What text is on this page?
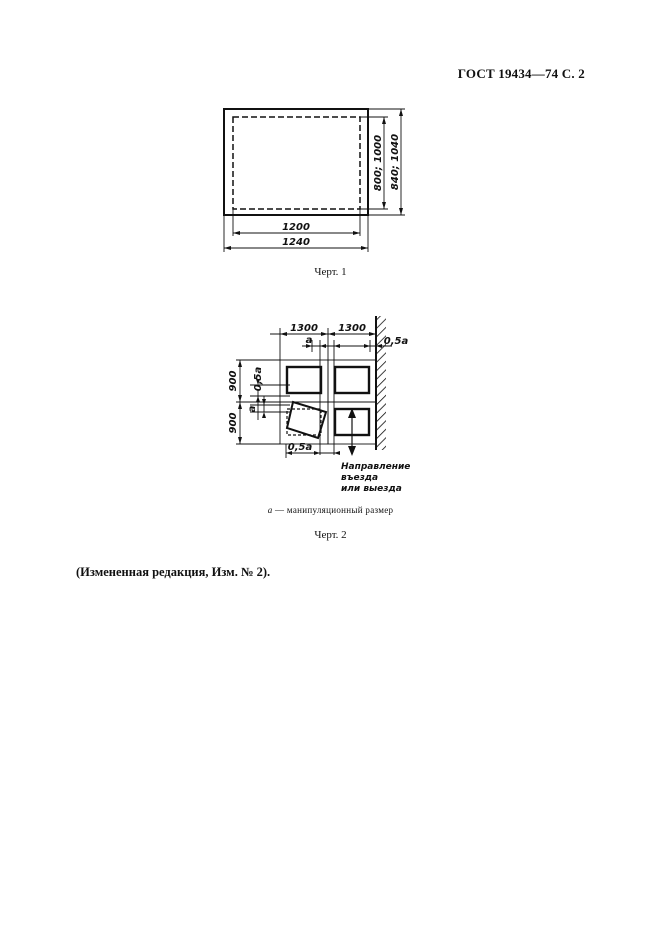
ГОСТ 19434—74 С. 2
1200
1240
800; 1000 840; 1040
Черт. 1
1300 1300
a	0,5a
900
900
0,5a
a
0,5a
Направление
въезда
или выезда
a — манипуляционный размер
Черт. 2
(Измененная редакция, Изм. № 2).
